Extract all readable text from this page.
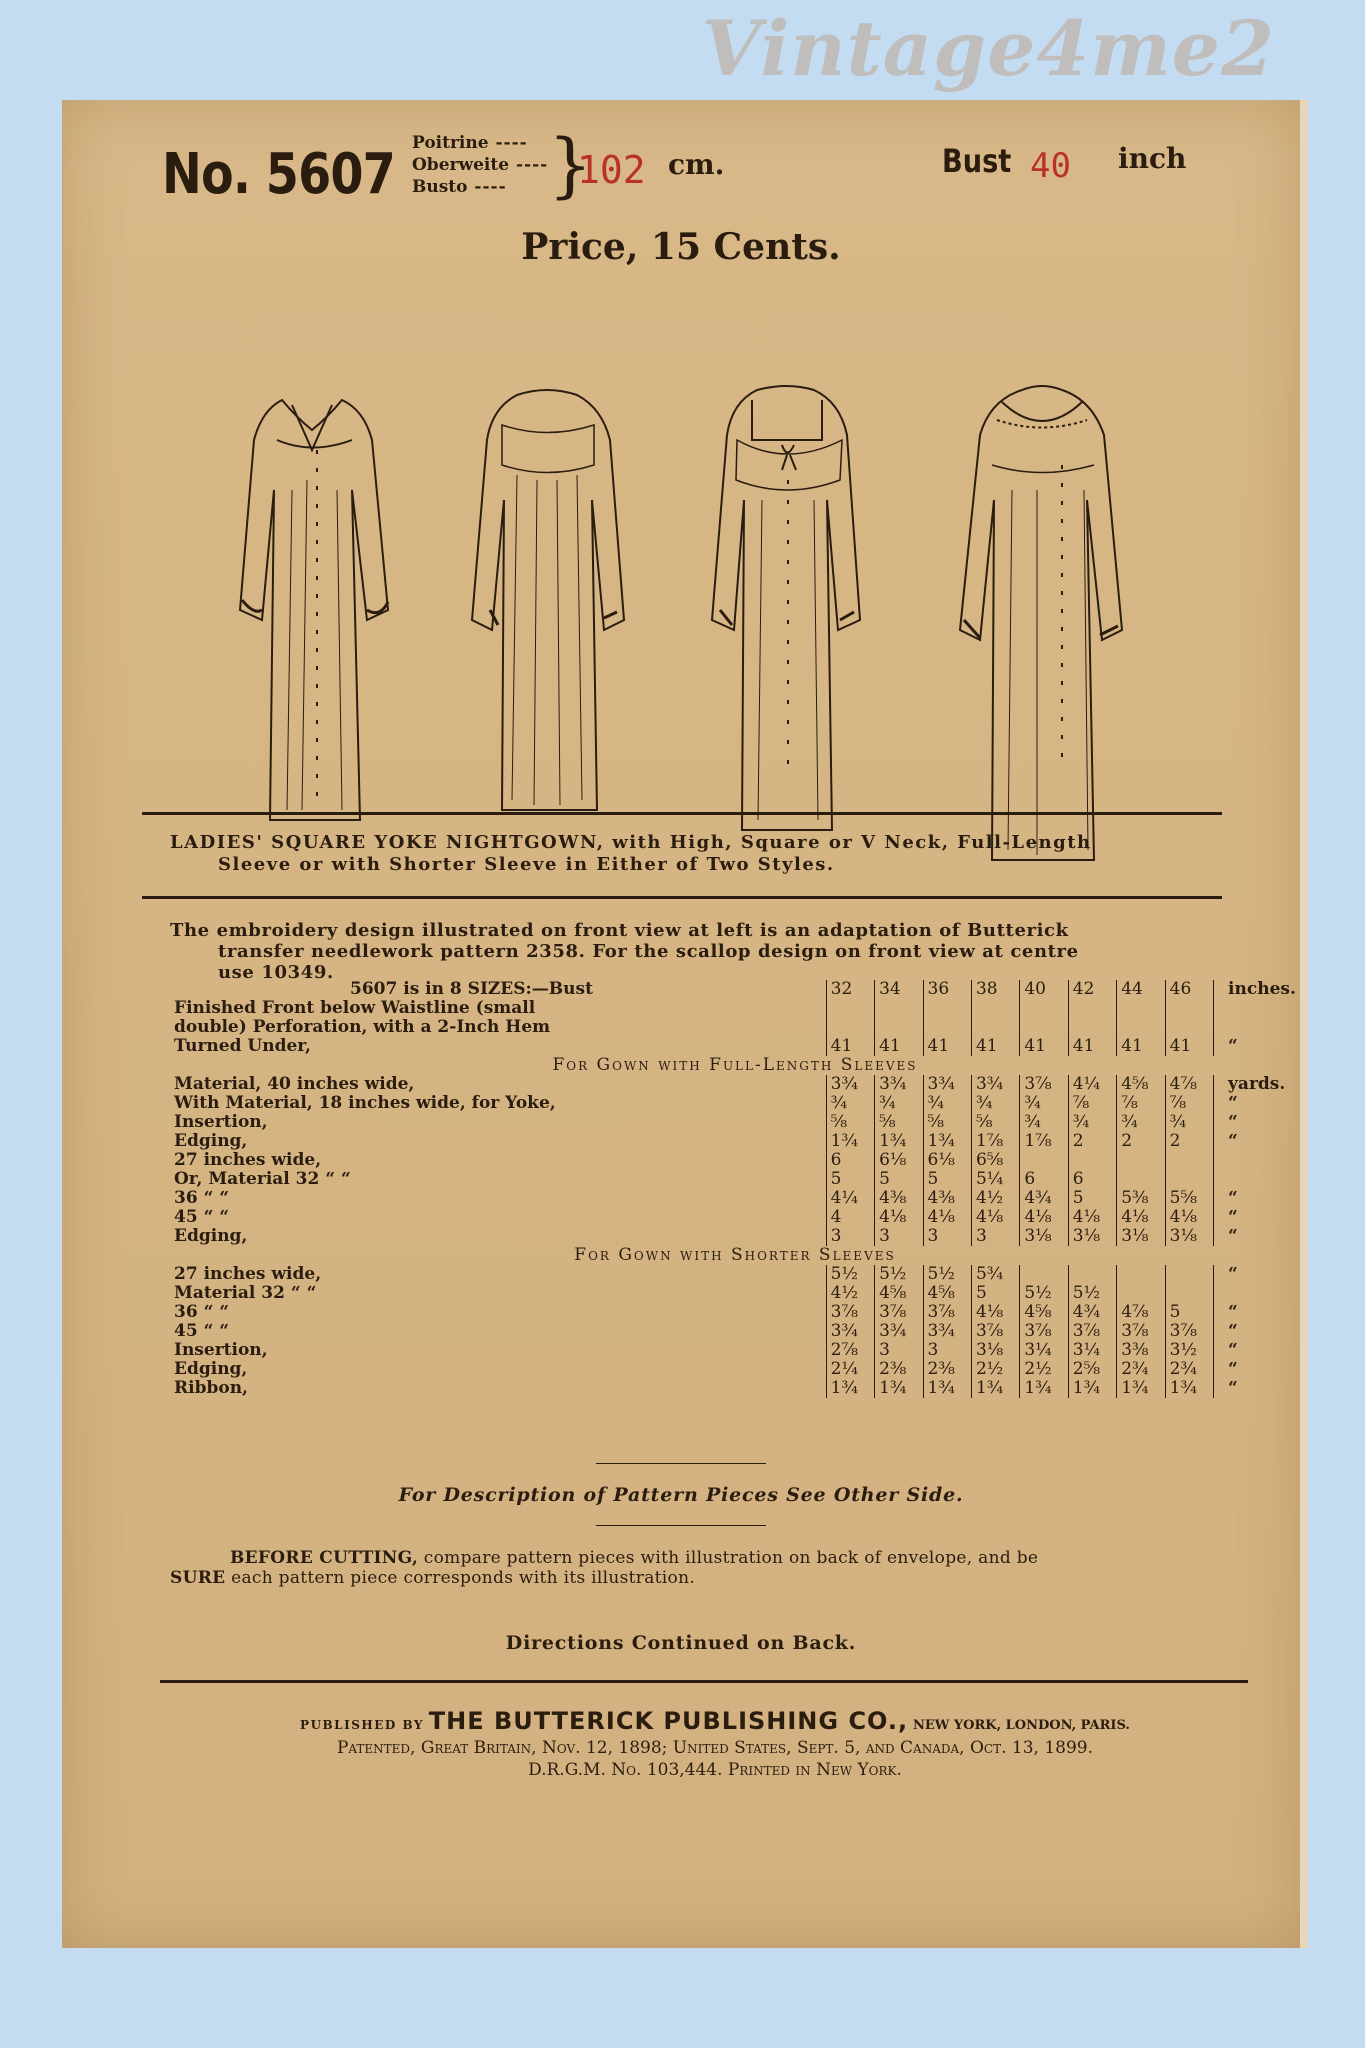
Vintage4me2
No. 5607 Poitrine ----
Oberweite ----
Busto ----	}
102 cm.	Bust 40 inch
Price, 15 Cents.
LADIES' SQUARE YOKE NIGHTGOWN, with High, Square or V Neck, Full-Length
Sleeve or with Shorter Sleeve in Either of Two Styles.
The embroidery design illustrated on front view at left is an adaptation of Butterick
transfer needlework pattern 2358. For the scallop design on front view at centre
use 10349.
5607 is in 8 SIZES:—Bust	32	34	36	38	40	42	44	46	inches.
Finished Front below Waistline (small									
double) Perforation, with a 2-Inch Hem									
Turned Under,	41	41	41	41	41	41	41	41	“
For Gown with Full-Length Sleeves									
Material, 40 inches wide,	3¾	3¾	3¾	3¾	3⅞	4¼	4⅝	4⅞	yards.
With Material, 18 inches wide, for Yoke,	¾	¾	¾	¾	¾	⅞	⅞	⅞	“
Insertion,	⅝	⅝	⅝	⅝	¾	¾	¾	¾	“
Edging,	1¾	1¾	1¾	1⅞	1⅞	2	2	2	“
27 inches wide,	6	6⅛	6⅛	6⅝					
Or, Material 32 “ “	5	5	5	5¼	6	6			
36 “ “	4¼	4⅜	4⅜	4½	4¾	5	5⅜	5⅝	“
45 “ “	4	4⅛	4⅛	4⅛	4⅛	4⅛	4⅛	4⅛	“
Edging,	3	3	3	3	3⅛	3⅛	3⅛	3⅛	“
For Gown with Shorter Sleeves									
27 inches wide,	5½	5½	5½	5¾					“
Material 32 “ “	4½	4⅝	4⅝	5	5½	5½			
36 “ “	3⅞	3⅞	3⅞	4⅛	4⅝	4¾	4⅞	5	“
45 “ “	3¾	3¾	3¾	3⅞	3⅞	3⅞	3⅞	3⅞	“
Insertion,	2⅞	3	3	3⅛	3¼	3¼	3⅜	3½	“
Edging,	2¼	2⅜	2⅜	2½	2½	2⅝	2¾	2¾	“
Ribbon,	1¾	1¾	1¾	1¾	1¾	1¾	1¾	1¾	“
For Description of Pattern Pieces See Other Side.
BEFORE CUTTING, compare pattern pieces with illustration on back of envelope, and be
SURE each pattern piece corresponds with its illustration.
Directions Continued on Back.
PUBLISHED BY THE BUTTERICK PUBLISHING CO., NEW YORK, LONDON, PARIS.
Patented, Great Britain, Nov. 12, 1898; United States, Sept. 5, and Canada, Oct. 13, 1899.
D.R.G.M. No. 103,444. Printed in New York.
